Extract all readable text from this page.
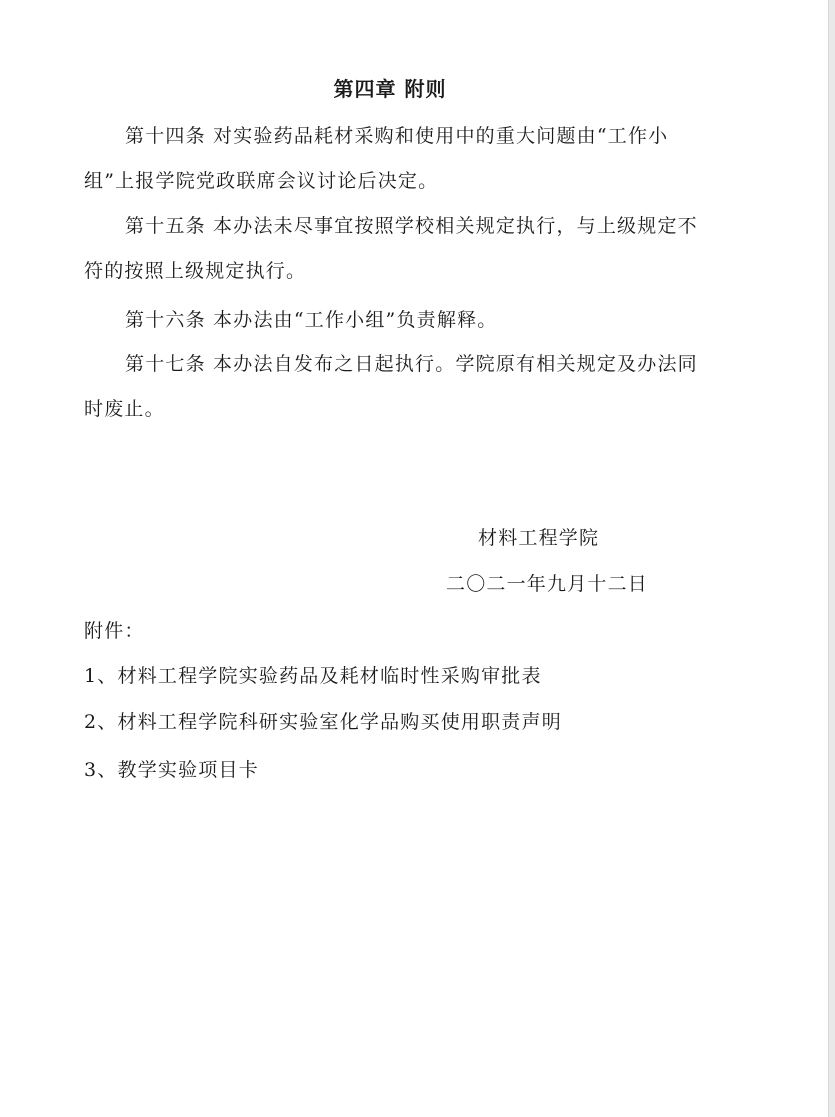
第四章 附则
第十四条 对实验药品耗材采购和使用中的重大问题由“工作小组”上报学院党政联席会议讨论后决定。
第十五条 本办法未尽事宜按照学校相关规定执行，与上级规定不符的按照上级规定执行。
第十六条 本办法由“工作小组”负责解释。
第十七条 本办法自发布之日起执行。学院原有相关规定及办法同时废止。
材料工程学院
二〇二一年九月十二日
附件：
1、材料工程学院实验药品及耗材临时性采购审批表
2、材料工程学院科研实验室化学品购买使用职责声明
3、教学实验项目卡
